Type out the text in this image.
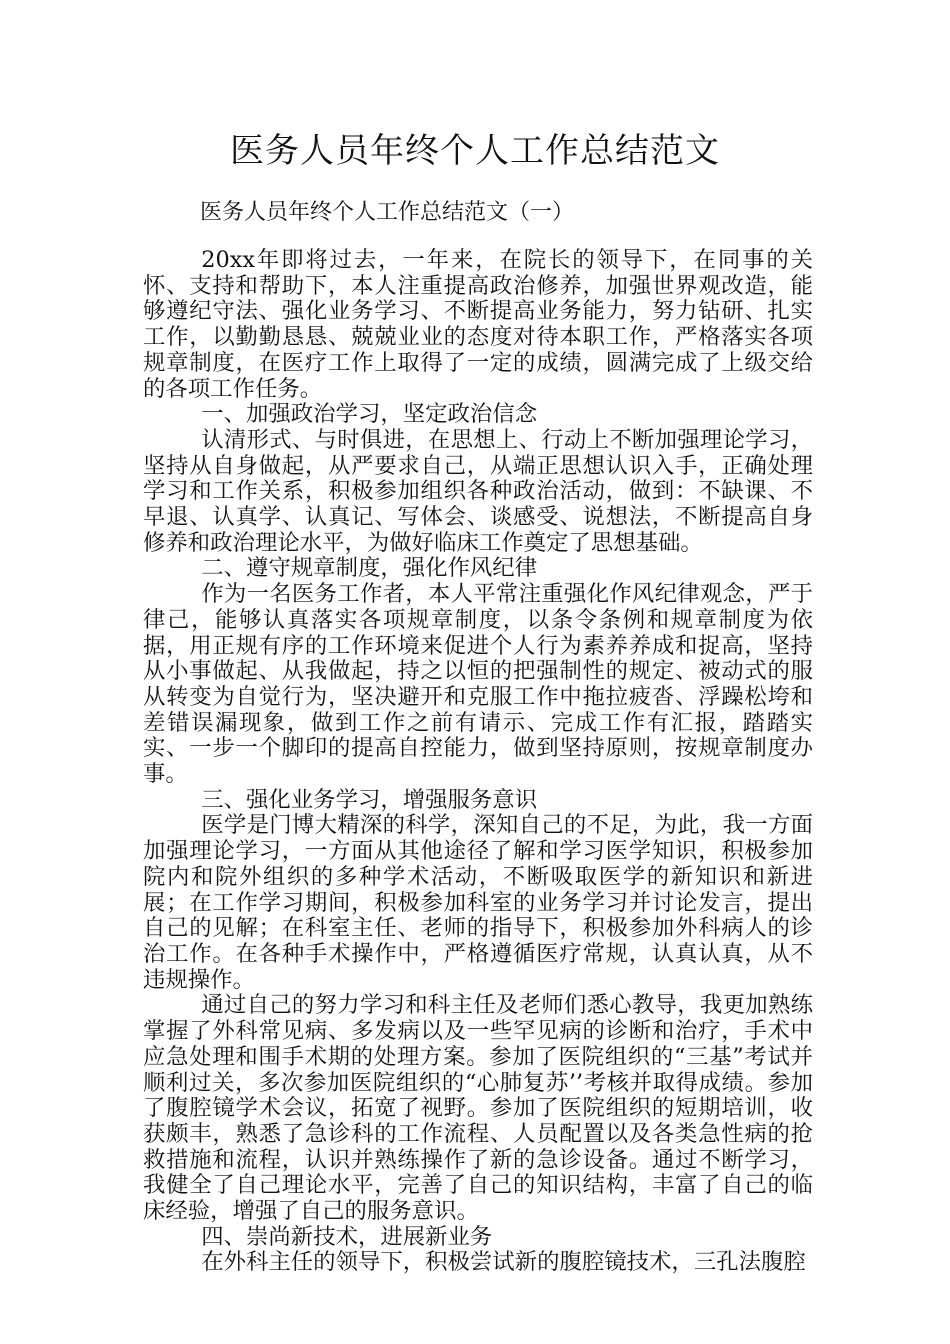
医务人员年终个人工作总结范文

医务人员年终个人工作总结范文（一）

20xx年即将过去，一年来，在院长的领导下，在同事的关怀、支持和帮助下，本人注重提高政治修养，加强世界观改造，能够遵纪守法、强化业务学习、不断提高业务能力，努力钻研、扎实工作，以勤勤恳恳、兢兢业业的态度对待本职工作，严格落实各项规章制度，在医疗工作上取得了一定的成绩，圆满完成了上级交给的各项工作任务。

一、加强政治学习，坚定政治信念

认清形式、与时俱进，在思想上、行动上不断加强理论学习，坚持从自身做起，从严要求自己，从端正思想认识入手，正确处理学习和工作关系，积极参加组织各种政治活动，做到：不缺课、不早退、认真学、认真记、写体会、谈感受、说想法，不断提高自身修养和政治理论水平，为做好临床工作奠定了思想基础。

二、遵守规章制度，强化作风纪律

作为一名医务工作者，本人平常注重强化作风纪律观念，严于律己，能够认真落实各项规章制度，以条令条例和规章制度为依据，用正规有序的工作环境来促进个人行为素养养成和捉高，坚持从小事做起、从我做起，持之以恒的把强制性的规定、被动式的服从转变为自觉行为，坚决避开和克服工作中拖拉疲沓、浮躁松垮和差错误漏现象，做到工作之前有请示、完成工作有汇报，踏踏实实、一步一个脚印的提高自控能力，做到坚持原则，按规章制度办事。

三、强化业务学习，增强服务意识

医学是门博大精深的科学，深知自己的不足，为此，我一方面加强理论学习，一方面从其他途径了解和学习医学知识，积极参加院内和院外组织的多种学术活动，不断吸取医学的新知识和新进展；在工作学习期间，积极参加科室的业务学习并讨论发言，提出自己的见解；在科室主任、老师的指导下，积极参加外科病人的诊治工作。在各种手术操作中，严格遵循医疗常规，认真认真，从不违规操作。

通过自己的努力学习和科主任及老师们悉心教导，我更加熟练掌握了外科常见病、多发病以及一些罕见病的诊断和治疗，手术中应急处理和围手术期的处理方案。参加了医院组织的“三基”考试并顺利过关，多次参加医院组织的“心肺复苏’’考核并取得成绩。参加了腹腔镜学术会议，拓宽了视野。参加了医院组织的短期培训，收获颇丰，熟悉了急诊科的工作流程、人员配置以及各类急性病的抢救措施和流程，认识并熟练操作了新的急诊设备。通过不断学习，我健全了自己理论水平，完善了自己的知识结构，丰富了自己的临床经验，增强了自己的服务意识。

四、崇尚新技术，进展新业务

在外科主任的领导下，积极尝试新的腹腔镜技术，三孔法腹腔
